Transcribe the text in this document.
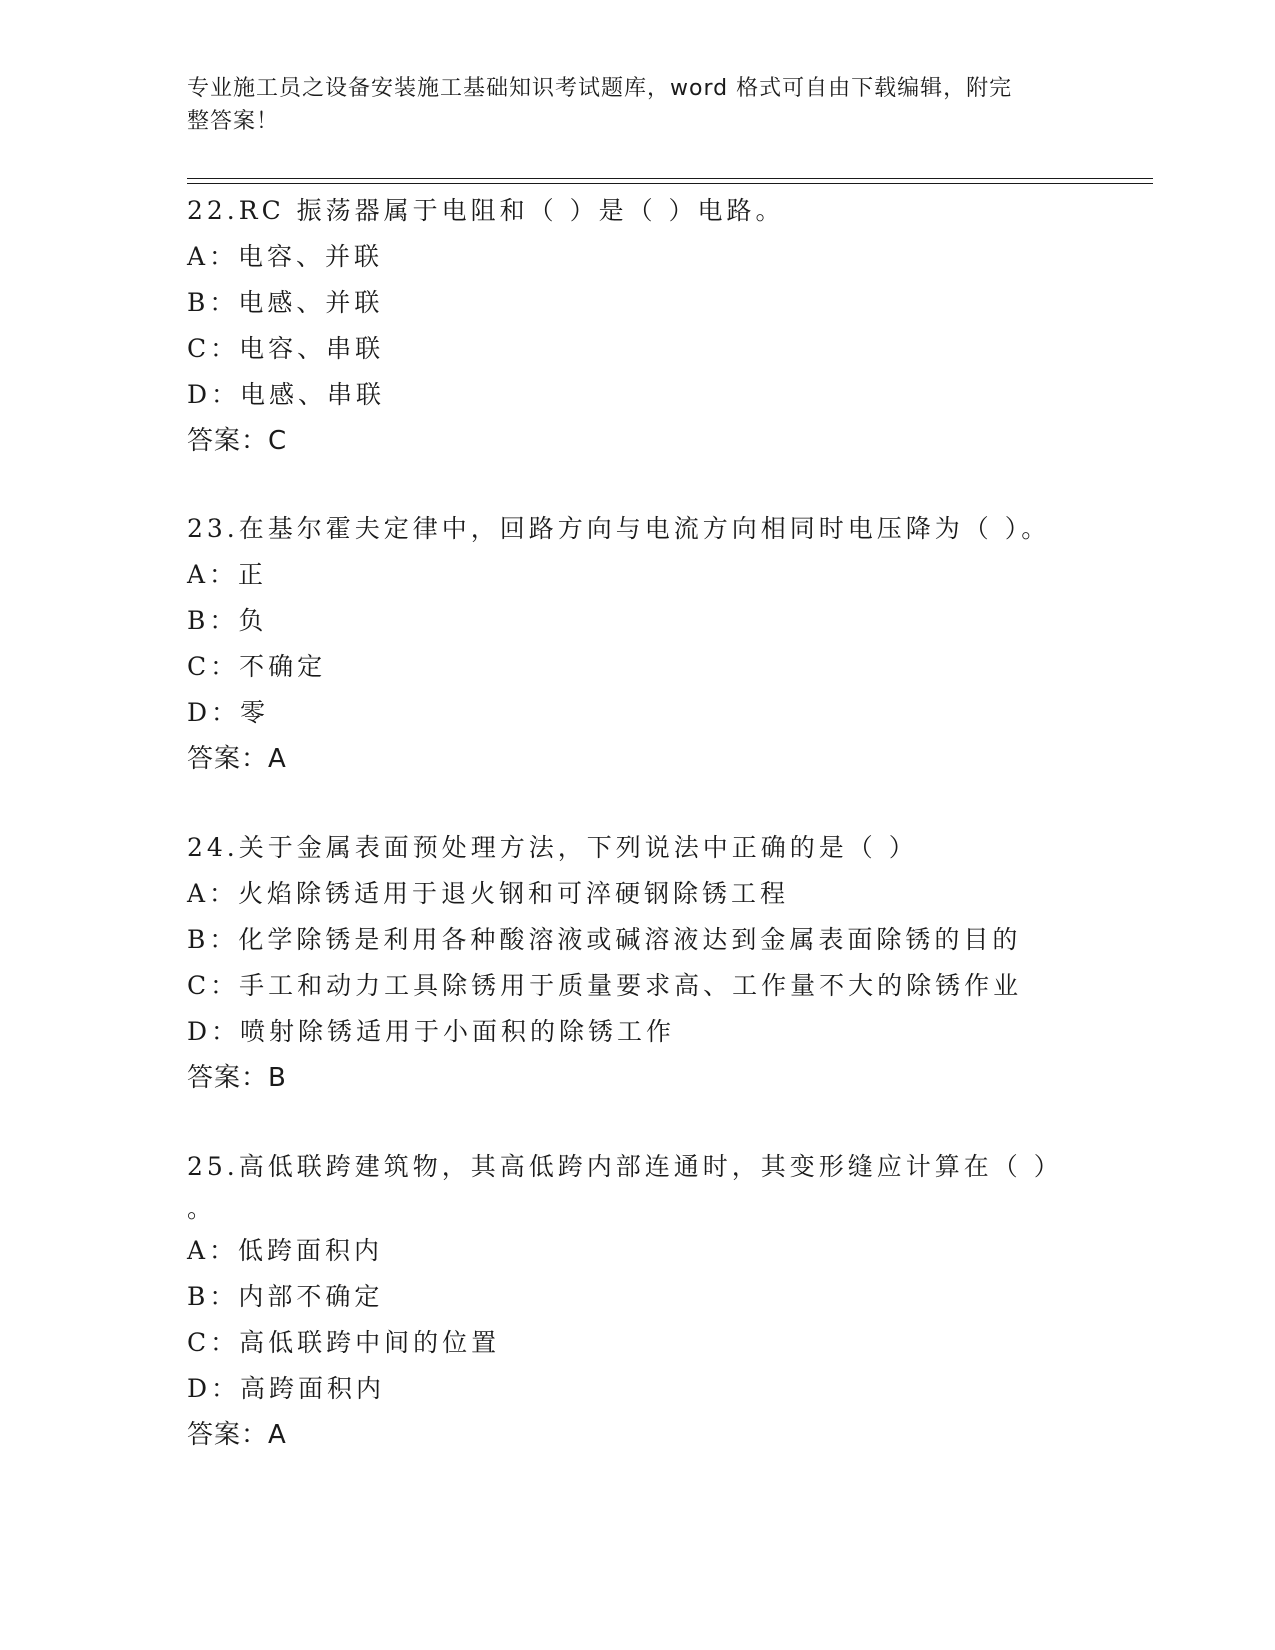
专业施工员之设备安装施工基础知识考试题库，word 格式可自由下载编辑，附完
整答案！
22.RC 振荡器属于电阻和（ ）是（ ）电路。
A：电容、并联
B：电感、并联
C：电容、串联
D：电感、串联
答案：C
23.在基尔霍夫定律中，回路方向与电流方向相同时电压降为（ ）。
A：正
B：负
C：不确定
D：零
答案：A
24.关于金属表面预处理方法，下列说法中正确的是（ ）
A：火焰除锈适用于退火钢和可淬硬钢除锈工程
B：化学除锈是利用各种酸溶液或碱溶液达到金属表面除锈的目的
C：手工和动力工具除锈用于质量要求高、工作量不大的除锈作业
D：喷射除锈适用于小面积的除锈工作
答案：B
25.高低联跨建筑物，其高低跨内部连通时，其变形缝应计算在（ ）
。
A：低跨面积内
B：内部不确定
C：高低联跨中间的位置
D：高跨面积内
答案：A
